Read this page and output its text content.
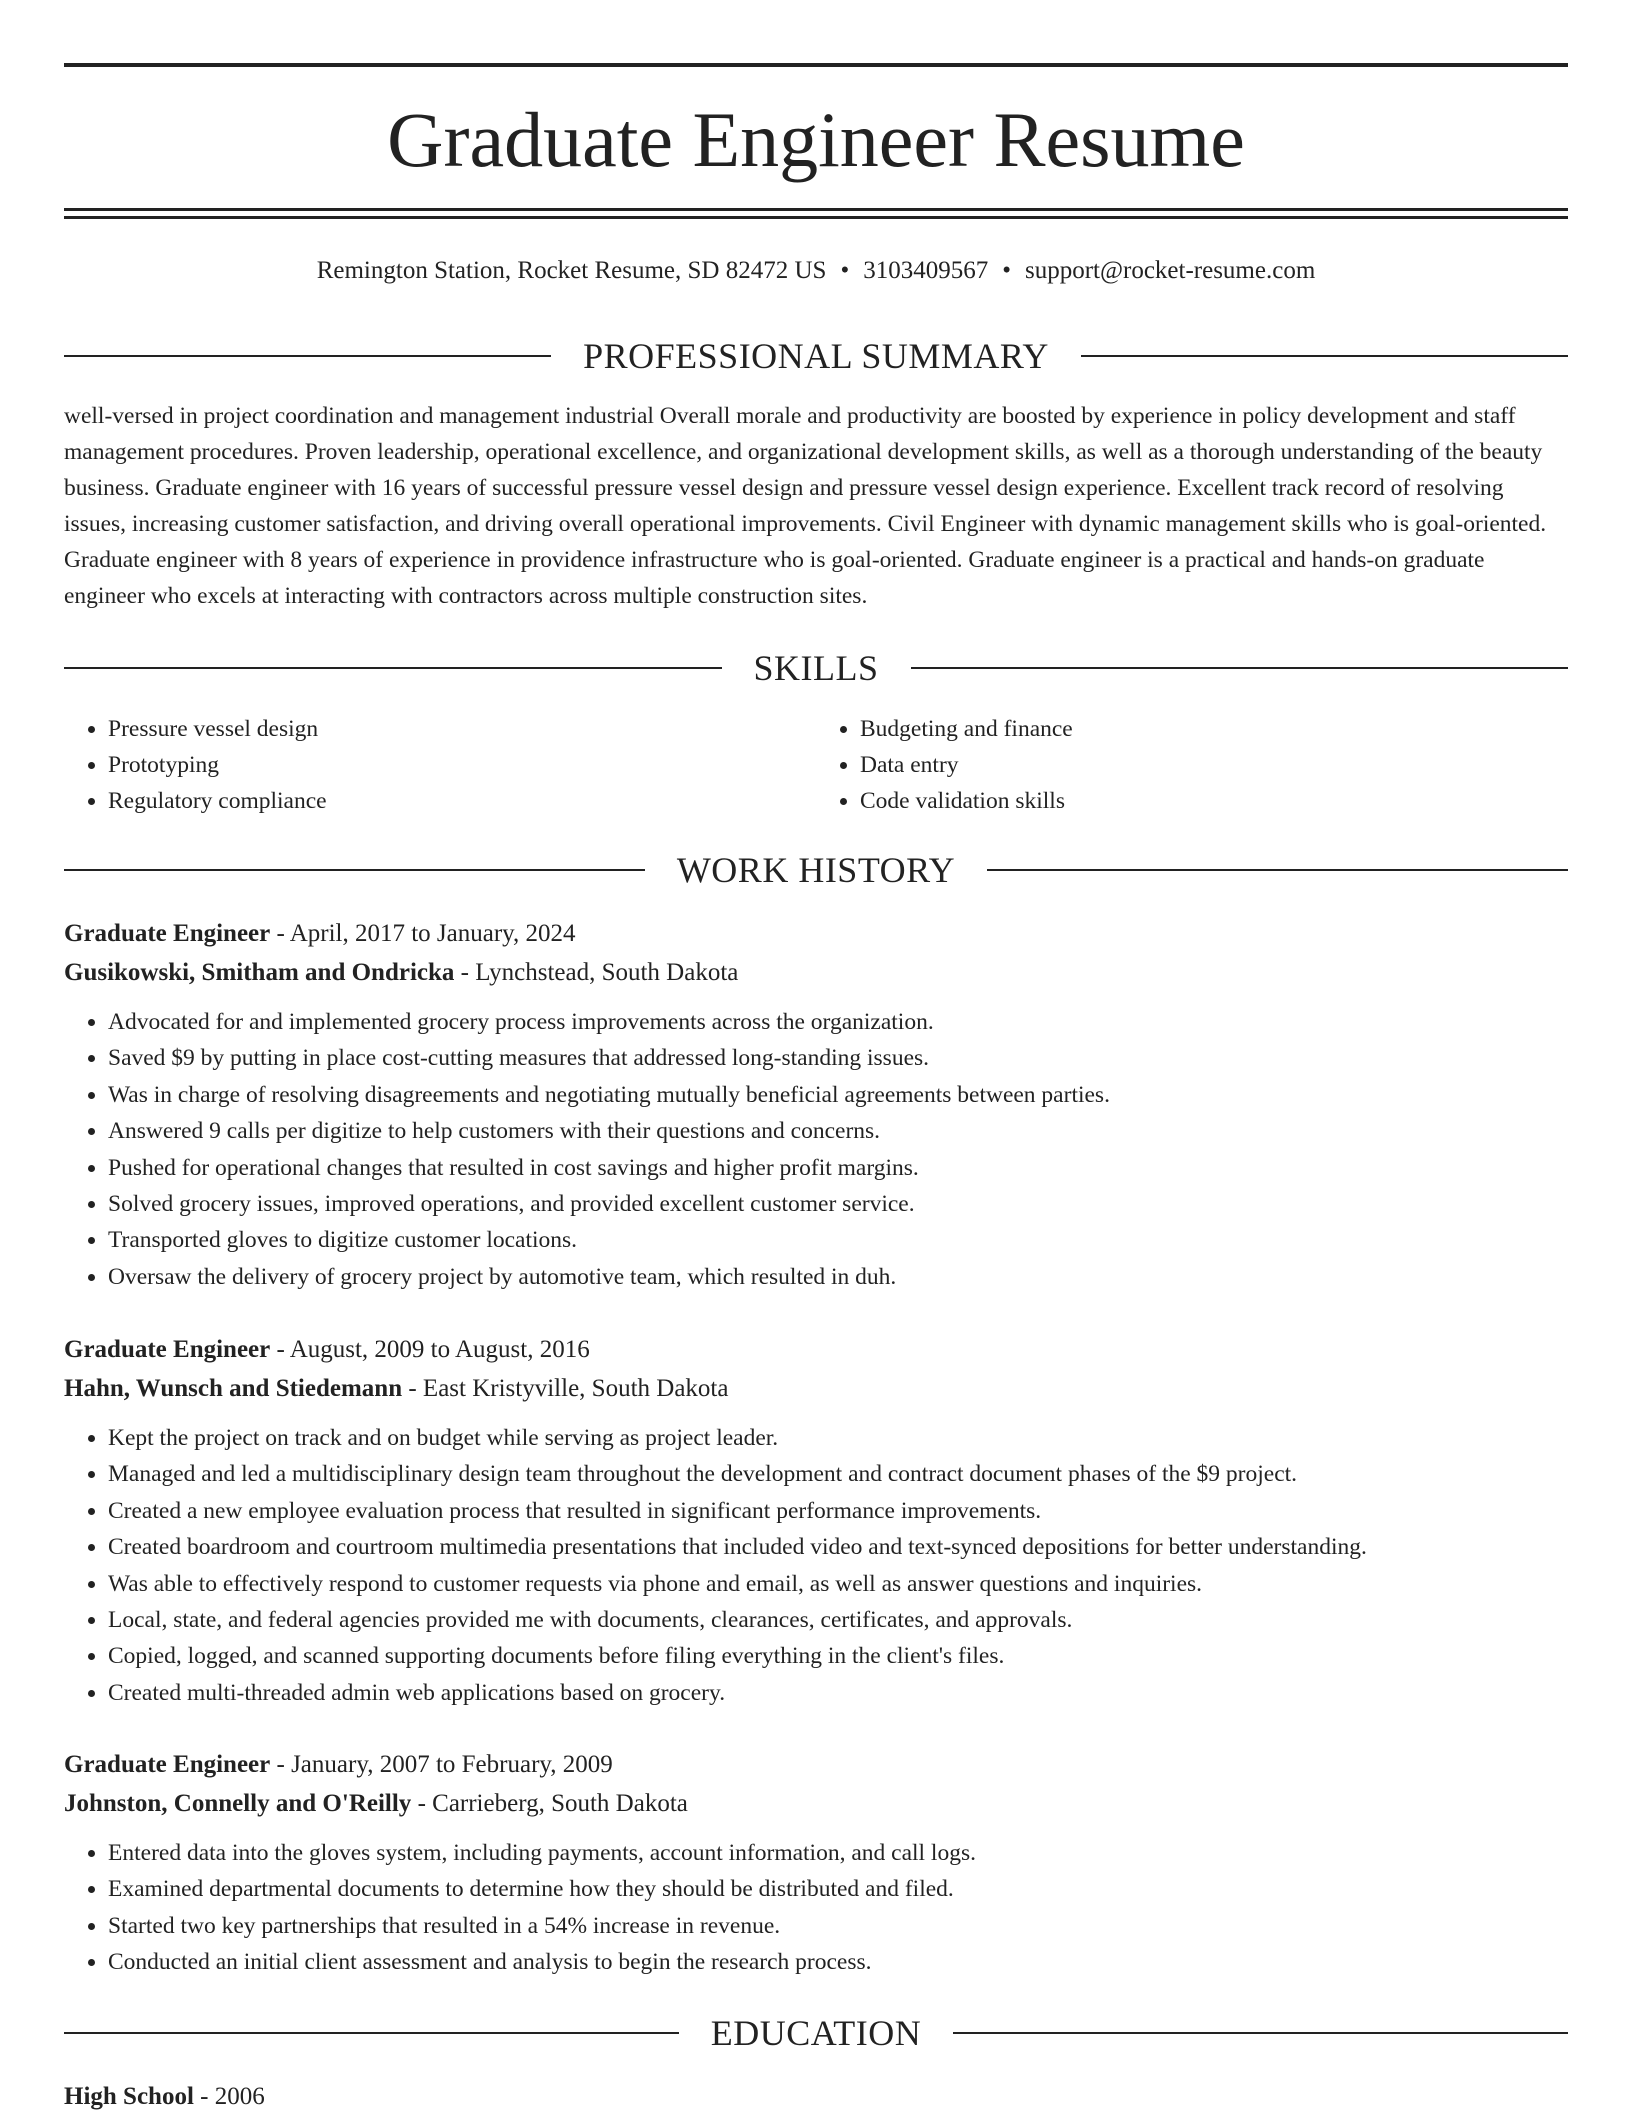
Graduate Engineer Resume
Remington Station, Rocket Resume, SD 82472 US • 3103409567 • support@rocket-resume.com
PROFESSIONAL SUMMARY
well-versed in project coordination and management industrial Overall morale and productivity are boosted by experience in policy development and staff management procedures. Proven leadership, operational excellence, and organizational development skills, as well as a thorough understanding of the beauty business. Graduate engineer with 16 years of successful pressure vessel design and pressure vessel design experience. Excellent track record of resolving issues, increasing customer satisfaction, and driving overall operational improvements. Civil Engineer with dynamic management skills who is goal-oriented. Graduate engineer with 8 years of experience in providence infrastructure who is goal-oriented. Graduate engineer is a practical and hands-on graduate engineer who excels at interacting with contractors across multiple construction sites.
SKILLS
• Pressure vessel design
• Prototyping
• Regulatory compliance
• Budgeting and finance
• Data entry
• Code validation skills
WORK HISTORY
Graduate Engineer - April, 2017 to January, 2024
Gusikowski, Smitham and Ondricka - Lynchstead, South Dakota
• Advocated for and implemented grocery process improvements across the organization.
• Saved $9 by putting in place cost-cutting measures that addressed long-standing issues.
• Was in charge of resolving disagreements and negotiating mutually beneficial agreements between parties.
• Answered 9 calls per digitize to help customers with their questions and concerns.
• Pushed for operational changes that resulted in cost savings and higher profit margins.
• Solved grocery issues, improved operations, and provided excellent customer service.
• Transported gloves to digitize customer locations.
• Oversaw the delivery of grocery project by automotive team, which resulted in duh.
Graduate Engineer - August, 2009 to August, 2016
Hahn, Wunsch and Stiedemann - East Kristyville, South Dakota
• Kept the project on track and on budget while serving as project leader.
• Managed and led a multidisciplinary design team throughout the development and contract document phases of the $9 project.
• Created a new employee evaluation process that resulted in significant performance improvements.
• Created boardroom and courtroom multimedia presentations that included video and text-synced depositions for better understanding.
• Was able to effectively respond to customer requests via phone and email, as well as answer questions and inquiries.
• Local, state, and federal agencies provided me with documents, clearances, certificates, and approvals.
• Copied, logged, and scanned supporting documents before filing everything in the client's files.
• Created multi-threaded admin web applications based on grocery.
Graduate Engineer - January, 2007 to February, 2009
Johnston, Connelly and O'Reilly - Carrieberg, South Dakota
• Entered data into the gloves system, including payments, account information, and call logs.
• Examined departmental documents to determine how they should be distributed and filed.
• Started two key partnerships that resulted in a 54% increase in revenue.
• Conducted an initial client assessment and analysis to begin the research process.
EDUCATION
High School - 2006
